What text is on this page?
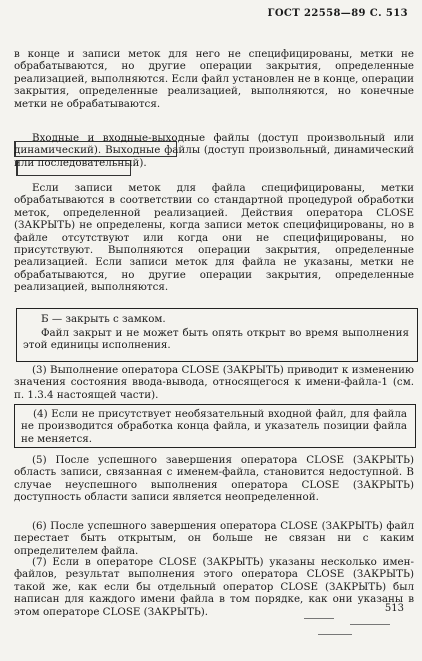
ГОСТ 22558—89 С. 513
в конце и записи меток для него не специфицированы, метки не обрабатываются, но другие операции закрытия, определенные реализацией, выполняются. Если файл установлен не в конце, операции закрытия, определенные реализацией, выполняются, но конечные метки не обрабатываются.
Входные и входные-выходные файлы (доступ произвольный или динамический). Выходные файлы (доступ произвольный, динамический или последовательный).
Если записи меток для файла специфицированы, метки обрабатываются в соответствии со стандартной процедурой обработки меток, определенной реализацией. Действия оператора CLOSE (ЗАКРЫТЬ) не определены, когда записи меток специфицированы, но в файле отсутствуют или когда они не специфицированы, но присутствуют. Выполняются операции закрытия, определенные реализацией. Если записи меток для файла не указаны, метки не обрабатываются, но другие операции закрытия, определенные реализацией, выполняются.
Б — закрыть с замком.
Файл закрыт и не может быть опять открыт во время выполнения этой единицы исполнения.
(3) Выполнение оператора CLOSE (ЗАКРЫТЬ) приводит к изменению значения состояния ввода-вывода, относящегося к имени-файла-1 (см. п. 1.3.4 настоящей части).
(4) Если не присутствует необязательный входной файл, для файла не производится обработка конца файла, и указатель позиции файла не меняется.
(5) После успешного завершения оператора CLOSE (ЗАКРЫТЬ) область записи, связанная с именем-файла, становится недоступной. В случае неуспешного выполнения оператора CLOSE (ЗАКРЫТЬ) доступность области записи является неопределенной.
(6) После успешного завершения оператора CLOSE (ЗАКРЫТЬ) файл перестает быть открытым, он больше не связан ни с каким определителем файла.
(7) Если в операторе CLOSE (ЗАКРЫТЬ) указаны несколько имен-файлов, результат выполнения этого оператора CLOSE (ЗАКРЫТЬ) такой же, как если бы отдельный оператор CLOSE (ЗАКРЫТЬ) был написан для каждого имени файла в том порядке, как они указаны в этом операторе CLOSE (ЗАКРЫТЬ).	513
